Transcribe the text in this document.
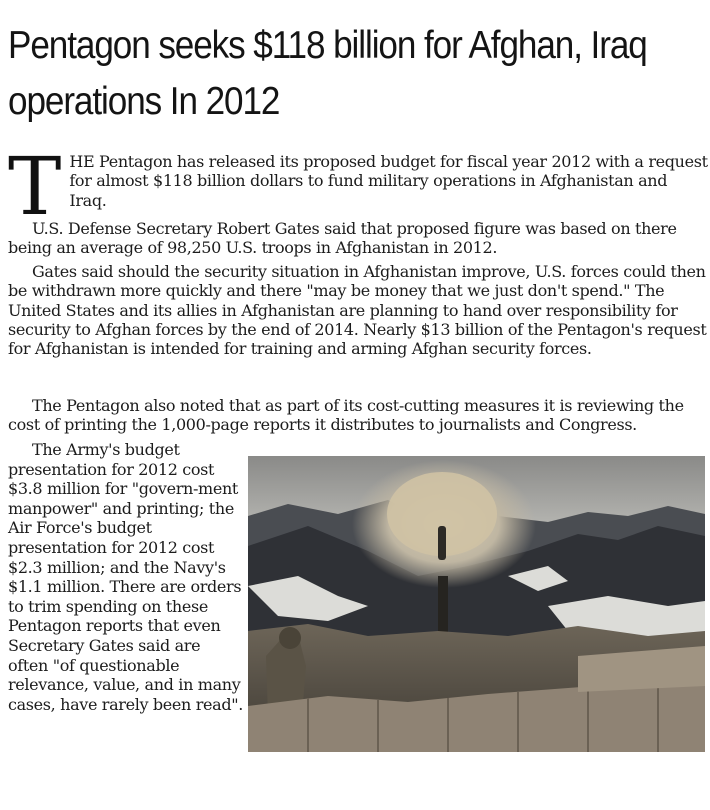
Pentagon seeks $118 billion for Afghan, Iraq operations In 2012
T HE Pentagon has released its proposed budget for fiscal year 2012 with a request for almost $118 billion dollars to fund military operations in Afghanistan and Iraq.

U.S. Defense Secretary Robert Gates said that proposed figure was based on there being an average of 98,250 U.S. troops in Afghanistan in 2012.

Gates said should the security situation in Afghanistan improve, U.S. forces could then be withdrawn more quickly and there "may be money that we just don't spend." The United States and its allies in Afghanistan are planning to hand over responsibility for security to Afghan forces by the end of 2014. Nearly $13 billion of the Pentagon's request for Afghanistan is intended for training and arming Afghan security forces.

The Pentagon also noted that as part of its cost-cutting measures it is reviewing the cost of printing the 1,000-page reports it distributes to journalists and Congress.

The Army's budget presentation for 2012 cost $3.8 million for "govern-ment manpower" and printing; the Air Force's budget presentation for 2012 cost $2.3 million; and the Navy's $1.1 million. There are orders to trim spending on these Pentagon reports that even Secretary Gates said are often "of questionable relevance, value, and in many cases, have rarely been read".
